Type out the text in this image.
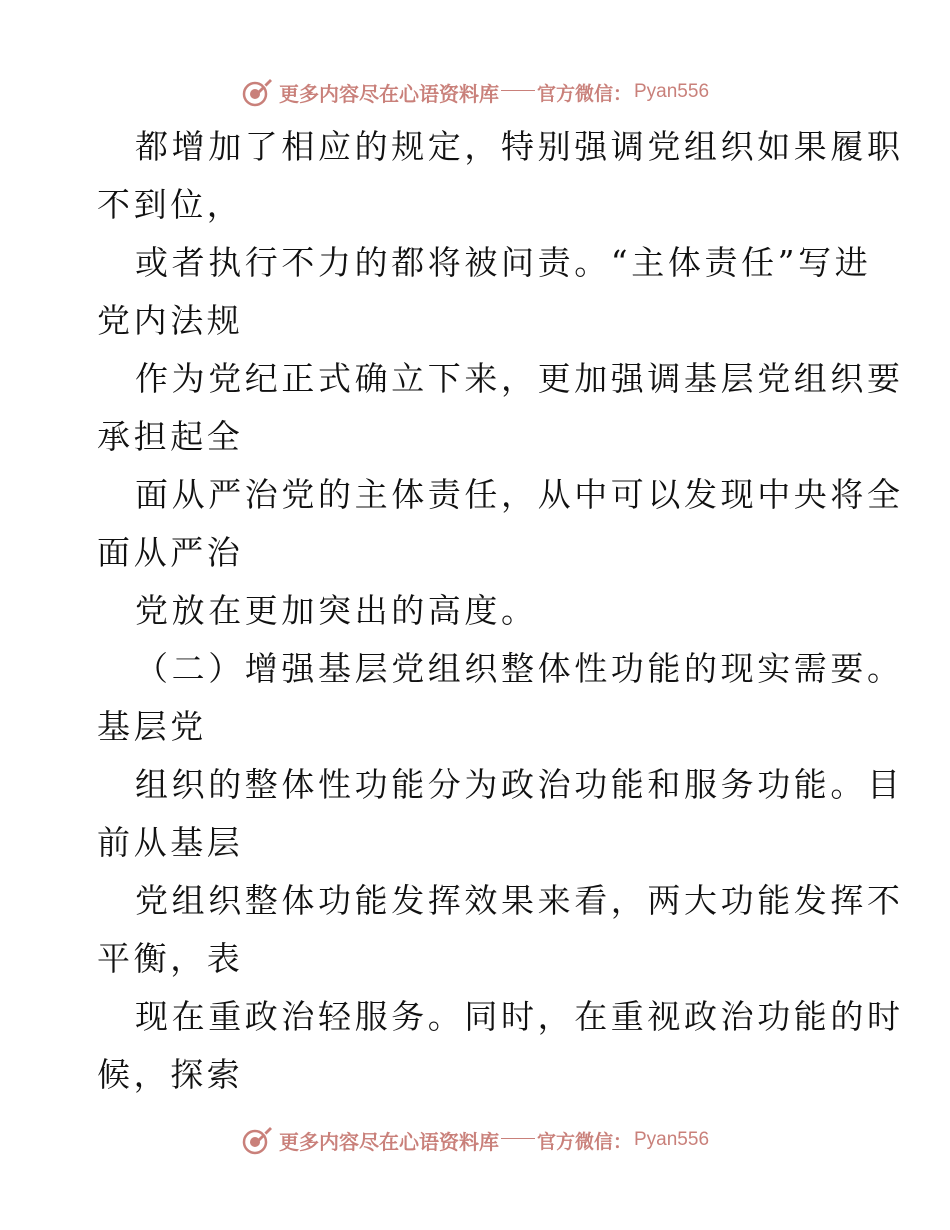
更多内容尽在心语资料库 官方微信： Pyan556
都增加了相应的规定，特别强调党组织如果履职
不到位，
或者执行不力的都将被问责。“主体责任”写进
党内法规
作为党纪正式确立下来，更加强调基层党组织要
承担起全
面从严治党的主体责任，从中可以发现中央将全
面从严治
党放在更加突出的高度。
（二）增强基层党组织整体性功能的现实需要。
基层党
组织的整体性功能分为政治功能和服务功能。目
前从基层
党组织整体功能发挥效果来看，两大功能发挥不
平衡，表
现在重政治轻服务。同时，在重视政治功能的时
候，探索
更多内容尽在心语资料库 官方微信： Pyan556
